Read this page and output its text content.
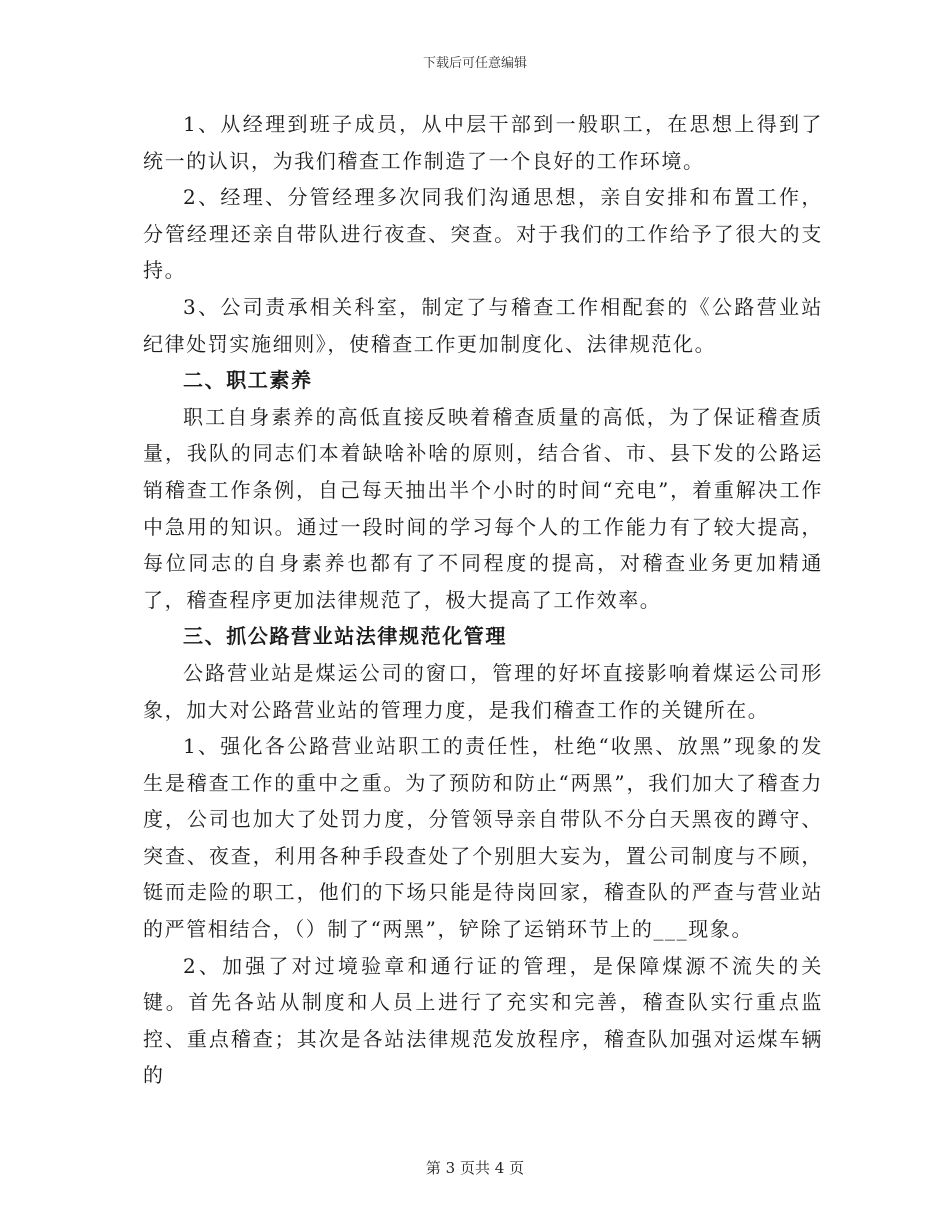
下载后可任意编辑

1、从经理到班子成员，从中层干部到一般职工，在思想上得到了统一的认识，为我们稽查工作制造了一个良好的工作环境。

2、经理、分管经理多次同我们沟通思想，亲自安排和布置工作，分管经理还亲自带队进行夜查、突查。对于我们的工作给予了很大的支持。

3、公司责承相关科室，制定了与稽查工作相配套的《公路营业站纪律处罚实施细则》，使稽查工作更加制度化、法律规范化。

二、职工素养

职工自身素养的高低直接反映着稽查质量的高低，为了保证稽查质量，我队的同志们本着缺啥补啥的原则，结合省、市、县下发的公路运销稽查工作条例，自己每天抽出半个小时的时间“充电”，着重解决工作中急用的知识。通过一段时间的学习每个人的工作能力有了较大提高，每位同志的自身素养也都有了不同程度的提高，对稽查业务更加精通了，稽查程序更加法律规范了，极大提高了工作效率。

三、抓公路营业站法律规范化管理

公路营业站是煤运公司的窗口，管理的好坏直接影响着煤运公司形象，加大对公路营业站的管理力度，是我们稽查工作的关键所在。

1、强化各公路营业站职工的责任性，杜绝“收黑、放黑”现象的发生是稽查工作的重中之重。为了预防和防止“两黑”，我们加大了稽查力度，公司也加大了处罚力度，分管领导亲自带队不分白天黑夜的蹲守、突查、夜查，利用各种手段查处了个别胆大妄为，置公司制度与不顾，铤而走险的职工，他们的下场只能是待岗回家，稽查队的严查与营业站的严管相结合，（）制了“两黑”，铲除了运销环节上的___现象。

2、加强了对过境验章和通行证的管理，是保障煤源不流失的关键。首先各站从制度和人员上进行了充实和完善，稽查队实行重点监控、重点稽查；其次是各站法律规范发放程序，稽查队加强对运煤车辆的

第 3 页共 4 页
